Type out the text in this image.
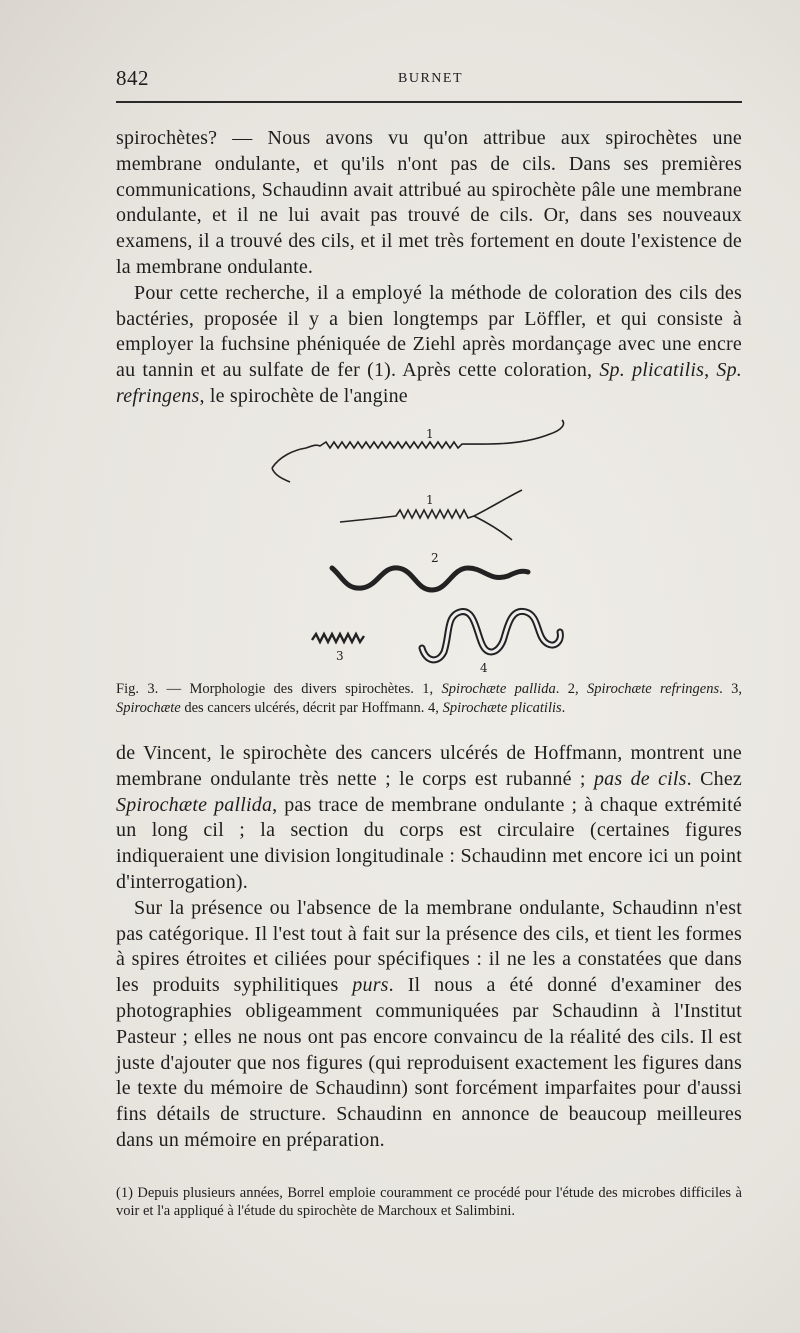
842	BURNET

spirochètes? — Nous avons vu qu'on attribue aux spirochètes une membrane ondulante, et qu'ils n'ont pas de cils. Dans ses premières communications, Schaudinn avait attribué au spirochète pâle une membrane ondulante, et il ne lui avait pas trouvé de cils. Or, dans ses nouveaux examens, il a trouvé des cils, et il met très fortement en doute l'existence de la membrane ondulante.

Pour cette recherche, il a employé la méthode de coloration des cils des bactéries, proposée il y a bien longtemps par Löffler, et qui consiste à employer la fuchsine phéniquée de Ziehl après mordançage avec une encre au tannin et au sulfate de fer (1). Après cette coloration, Sp. plicatilis, Sp. refringens, le spirochète de l'angine

1
1
2
3
4
Fig. 3. — Morphologie des divers spirochètes. 1, Spirochæte pallida. 2, Spirochæte refringens. 3, Spirochæte des cancers ulcérés, décrit par Hoffmann. 4, Spirochæte plicatilis.

de Vincent, le spirochète des cancers ulcérés de Hoffmann, montrent une membrane ondulante très nette ; le corps est rubanné ; pas de cils. Chez Spirochæte pallida, pas trace de membrane ondulante ; à chaque extrémité un long cil ; la section du corps est circulaire (certaines figures indiqueraient une division longitudinale : Schaudinn met encore ici un point d'interrogation).

Sur la présence ou l'absence de la membrane ondulante, Schaudinn n'est pas catégorique. Il l'est tout à fait sur la présence des cils, et tient les formes à spires étroites et ciliées pour spécifiques : il ne les a constatées que dans les produits syphilitiques purs. Il nous a été donné d'examiner des photographies obligeamment communiquées par Schaudinn à l'Institut Pasteur ; elles ne nous ont pas encore convaincu de la réalité des cils. Il est juste d'ajouter que nos figures (qui reproduisent exactement les figures dans le texte du mémoire de Schaudinn) sont forcément imparfaites pour d'aussi fins détails de structure. Schaudinn en annonce de beaucoup meilleures dans un mémoire en préparation.

(1) Depuis plusieurs années, Borrel emploie couramment ce procédé pour l'étude des microbes difficiles à voir et l'a appliqué à l'étude du spirochète de Marchoux et Salimbini.
